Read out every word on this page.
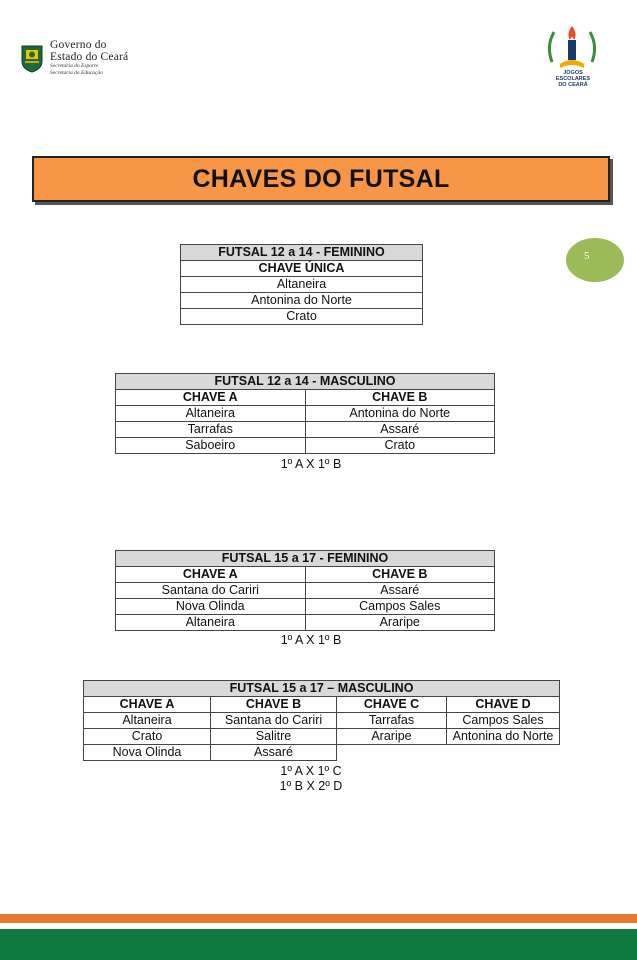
Governo do
Estado do Ceará
Secretaria do Esporte
Secretaria da Educação	JOGOS
ESCOLARES
DO CEARÁ
CHAVES DO FUTSAL
5
FUTSAL 12 a 14 - FEMININO
CHAVE ÚNICA
Altaneira
Antonina do Norte
Crato
FUTSAL 12 a 14 - MASCULINO	
CHAVE A	CHAVE B
Altaneira	Antonina do Norte
Tarrafas	Assaré
Saboeiro	Crato
1º A X 1º B
FUTSAL 15 a 17 - FEMININO	
CHAVE A	CHAVE B
Santana do Cariri	Assaré
Nova Olinda	Campos Sales
Altaneira	Araripe
1º A X 1º B
FUTSAL 15 a 17 – MASCULINO			
CHAVE A	CHAVE B	CHAVE C	CHAVE D
Altaneira	Santana do Cariri	Tarrafas	Campos Sales
Crato	Salitre	Araripe	Antonina do Norte
Nova Olinda	Assaré		
1º A X 1º C
1º B X 2º D
